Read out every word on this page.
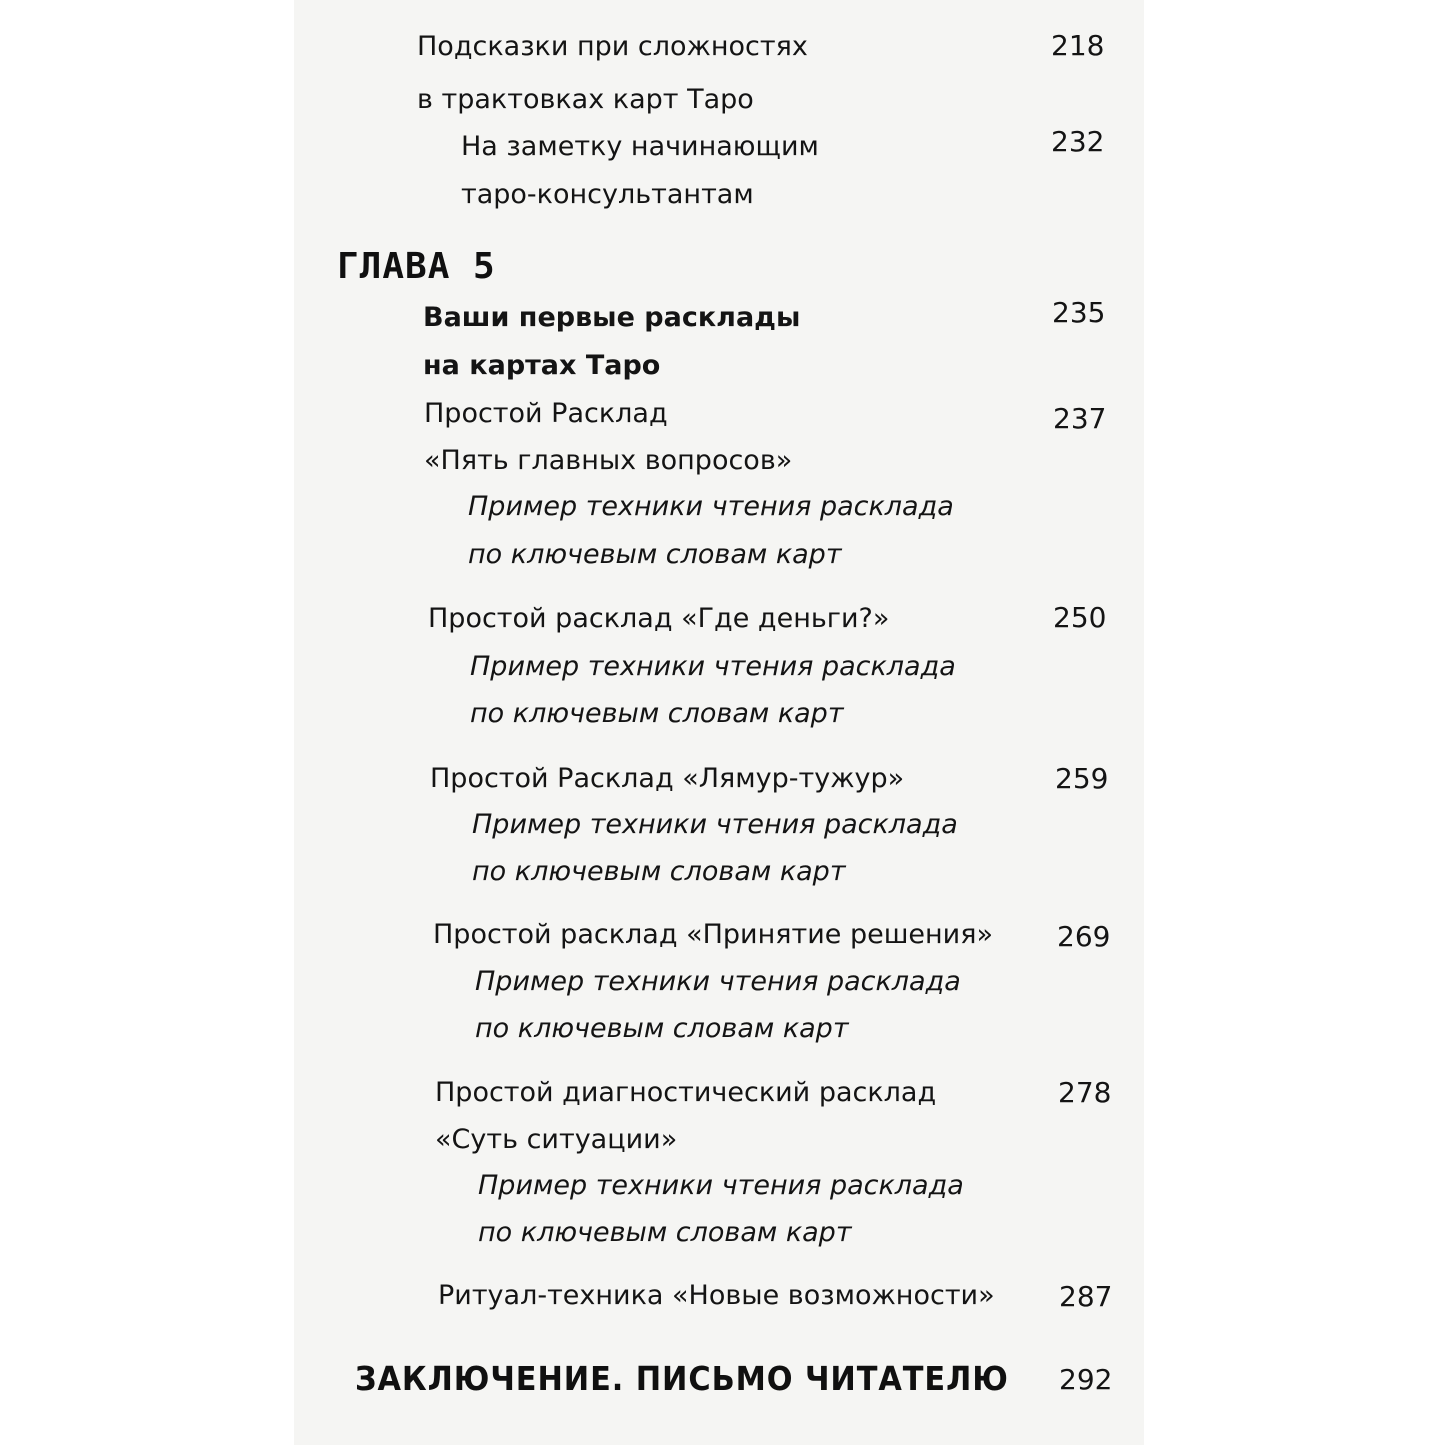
Подсказки при сложностях
в трактовках карт Таро
218
На заметку начинающим
таро-консультантам
232
ГЛАВА 5
Ваши первые расклады
на картах Таро
235
Простой Расклад
«Пять главных вопросов»
237
Пример техники чтения расклада
по ключевым словам карт
Простой расклад «Где деньги?»	250
Пример техники чтения расклада
по ключевым словам карт
Простой Расклад «Лямур-тужур»	259
Пример техники чтения расклада
по ключевым словам карт
Простой расклад «Принятие решения» 269
Пример техники чтения расклада
по ключевым словам карт
Простой диагностический расклад
«Суть ситуации»
278
Пример техники чтения расклада
по ключевым словам карт
Ритуал-техника «Новые возможности» 287
ЗАКЛЮЧЕНИЕ. ПИСЬМО ЧИТАТЕЛЮ 292
